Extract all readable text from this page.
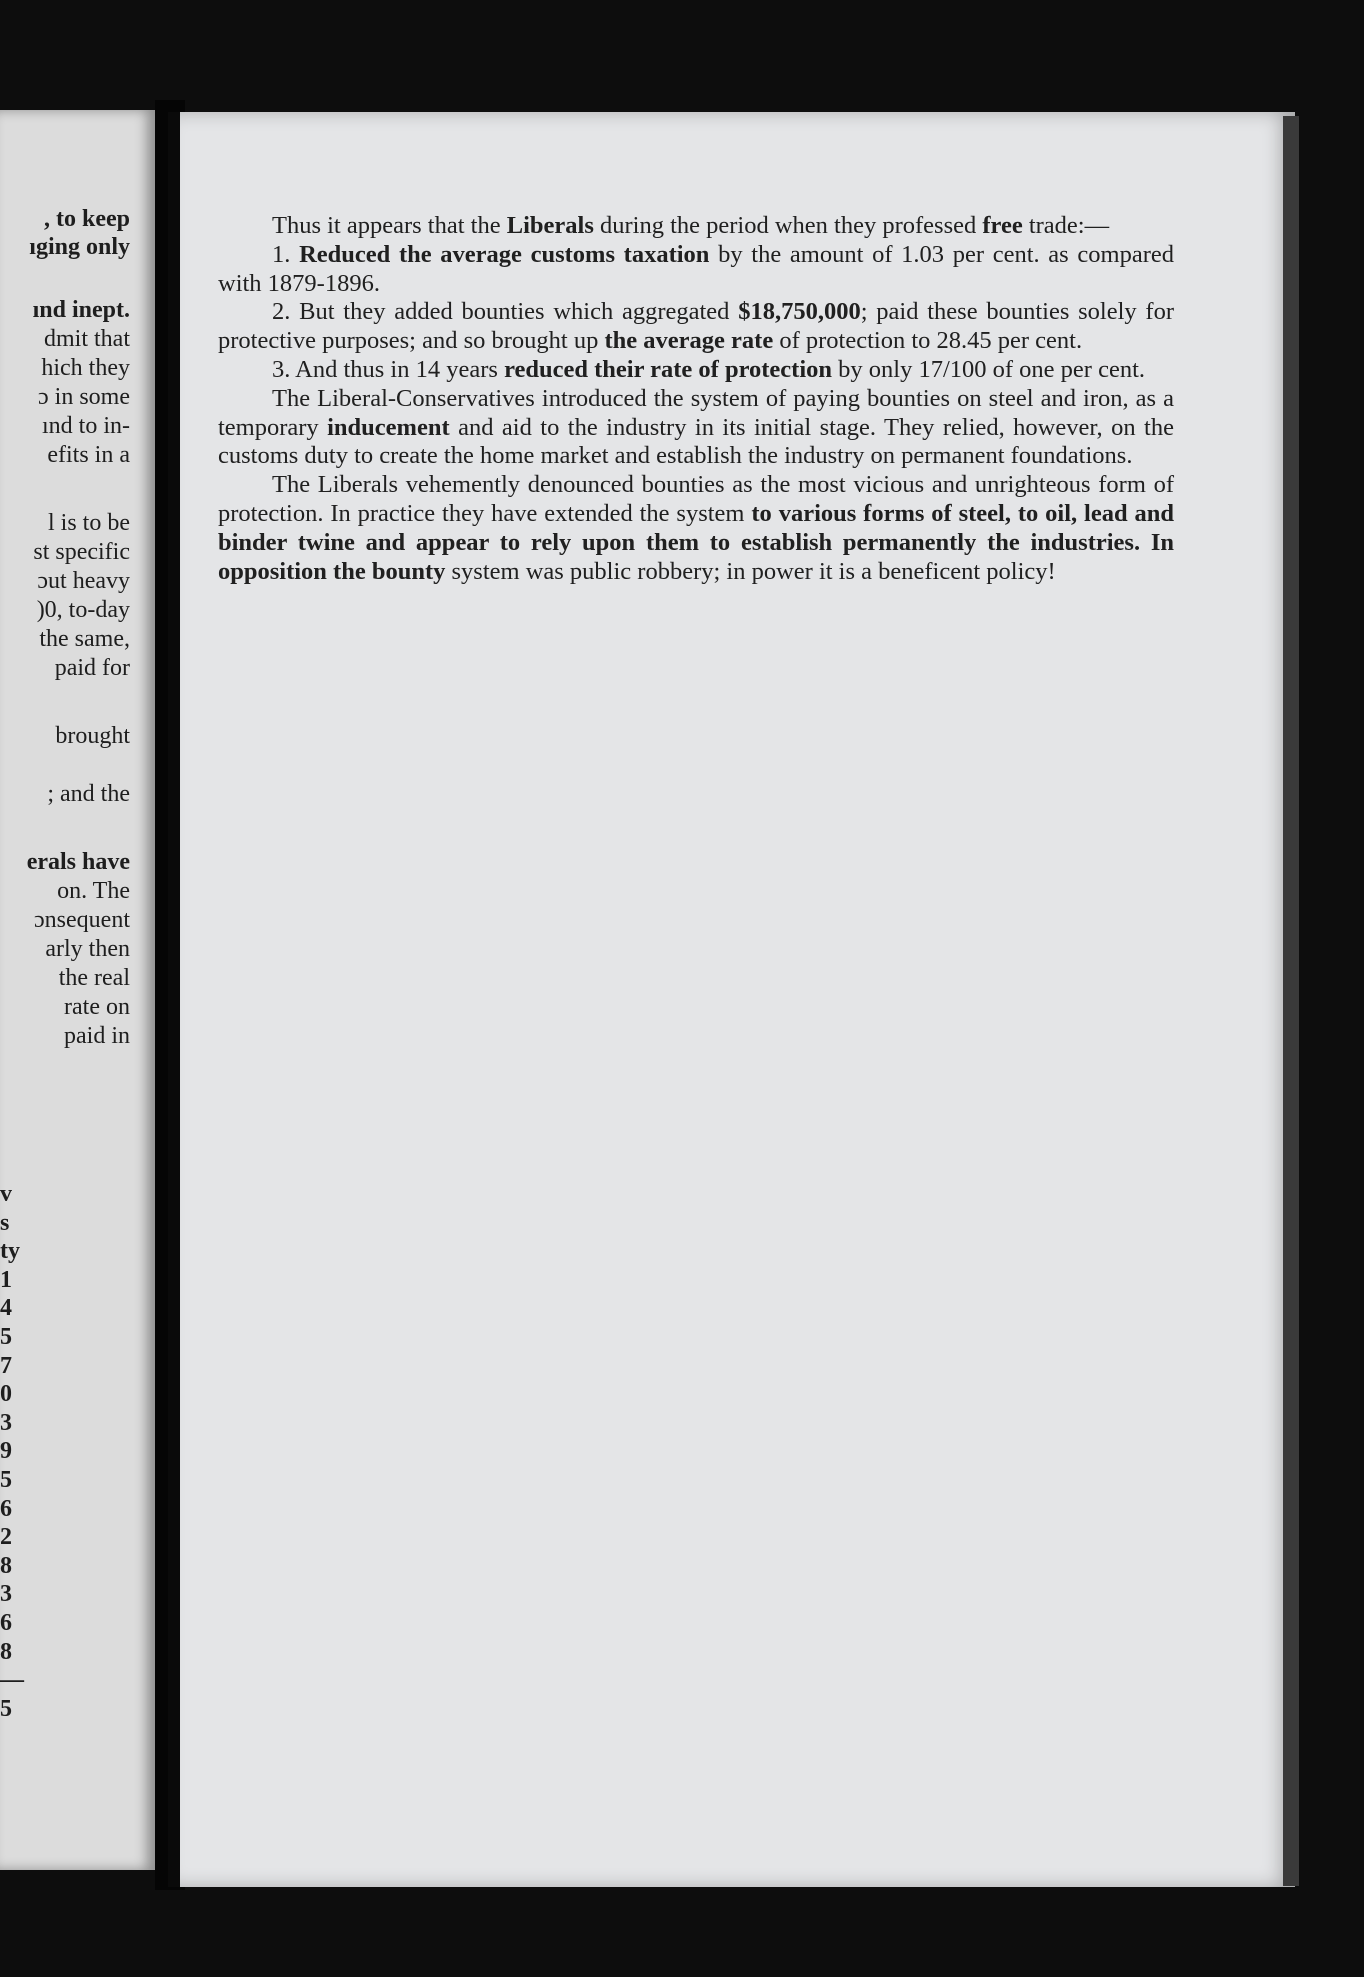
, to keep
ıging only
ınd inept.
dmit that
hich they
ɔ in some
ınd to in-
efits in a
l is to be
st specific
ɔut heavy
)0, to-day
the same,
paid for
brought
; and the
erals have
on. The
ɔnsequent
arly then
the real
rate on
paid in
v
s
ty
1
4
5
7
0
3
9
5
6
2
8
3
6
8
—
5

Thus it appears that the Liberals during the period when they professed free trade:—

1. Reduced the average customs taxation by the amount of 1.03 per cent. as compared with 1879-1896.

2. But they added bounties which aggregated $18,750,000; paid these bounties solely for protective purposes; and so brought up the average rate of protection to 28.45 per cent.

3. And thus in 14 years reduced their rate of protection by only 17/100 of one per cent.

The Liberal-Conservatives introduced the system of paying bounties on steel and iron, as a temporary inducement and aid to the industry in its initial stage. They relied, however, on the customs duty to create the home market and establish the industry on permanent foundations.

The Liberals vehemently denounced bounties as the most vicious and unrighteous form of protection. In practice they have extended the system to various forms of steel, to oil, lead and binder twine and appear to rely upon them to establish permanently the industries. In opposition the bounty system was public robbery; in power it is a beneficent policy!
